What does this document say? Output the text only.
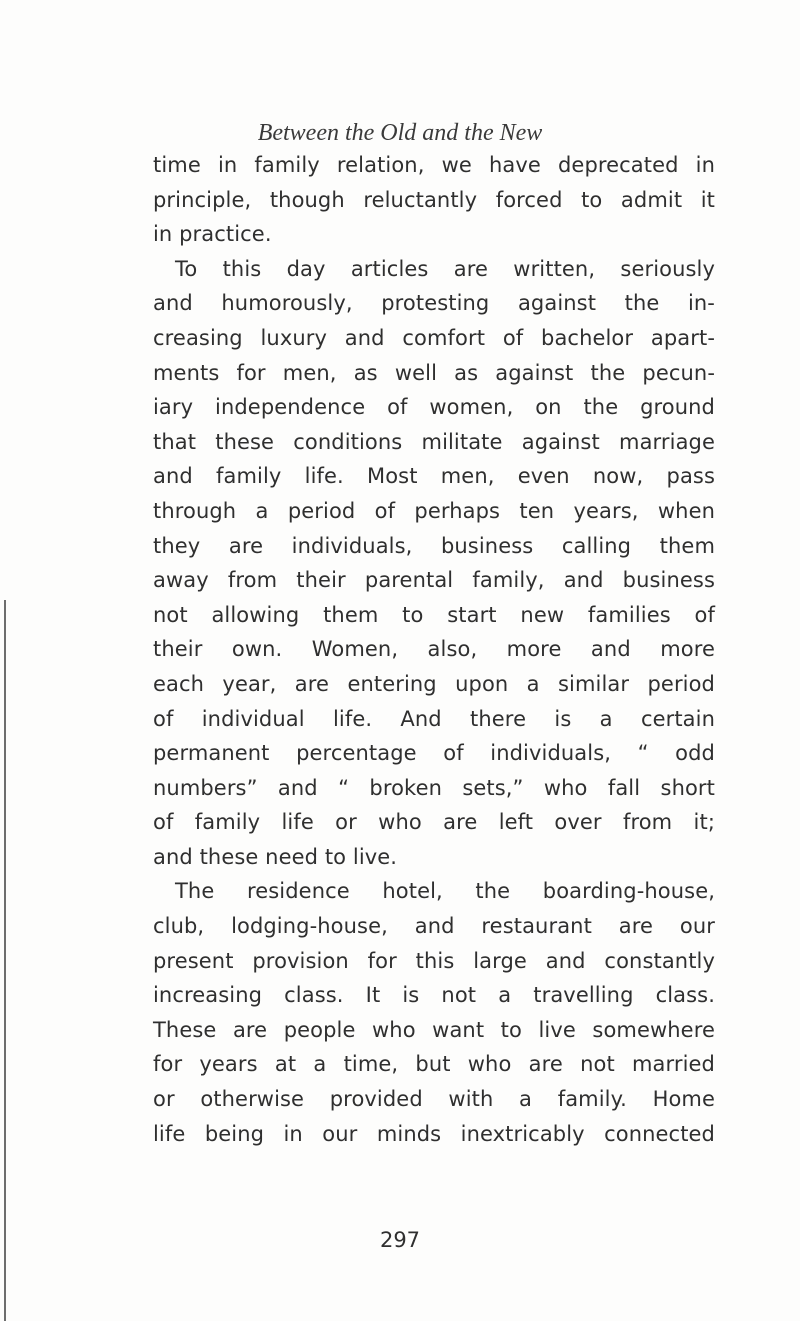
Between the Old and the New
time in family relation, we have deprecated in
principle, though reluctantly forced to admit it
in practice.
To this day articles are written, seriously
and humorously, protesting against the in-
creasing luxury and comfort of bachelor apart-
ments for men, as well as against the pecun-
iary independence of women, on the ground
that these conditions militate against marriage
and family life. Most men, even now, pass
through a period of perhaps ten years, when
they are individuals, business calling them
away from their parental family, and business
not allowing them to start new families of
their own. Women, also, more and more
each year, are entering upon a similar period
of individual life. And there is a certain
permanent percentage of individuals, “ odd
numbers” and “ broken sets,” who fall short
of family life or who are left over from it;
and these need to live.
The residence hotel, the boarding-house,
club, lodging-house, and restaurant are our
present provision for this large and constantly
increasing class. It is not a travelling class.
These are people who want to live somewhere
for years at a time, but who are not married
or otherwise provided with a family. Home
life being in our minds inextricably connected
297
